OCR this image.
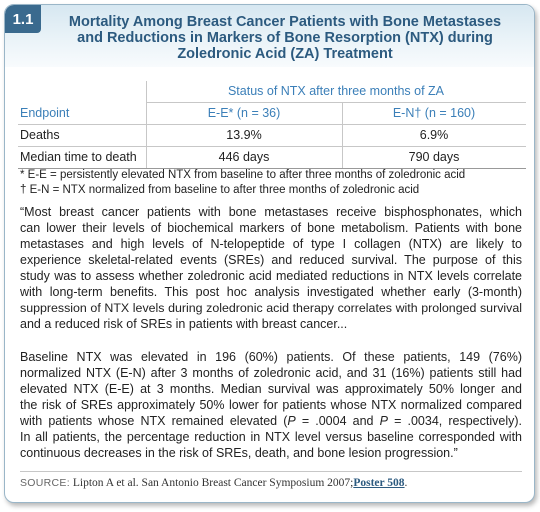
1.1	Mortality Among Breast Cancer Patients with Bone Metastases
and Reductions in Markers of Bone Resorption (NTX) during
Zoledronic Acid (ZA) Treatment
Status of NTX after three months of ZA
Endpoint	E-E* (n = 36)	E-N† (n = 160)
Deaths	13.9%	6.9%
Median time to death	446 days	790 days
* E-E = persistently elevated NTX from baseline to after three months of zoledronic acid
† E-N = NTX normalized from baseline to after three months of zoledronic acid
“Most breast cancer patients with bone metastases receive bisphosphonates, which
can lower their levels of biochemical markers of bone metabolism. Patients with bone
metastases and high levels of N-telopeptide of type I collagen (NTX) are likely to
experience skeletal-related events (SREs) and reduced survival. The purpose of this
study was to assess whether zoledronic acid mediated reductions in NTX levels correlate
with long-term benefits. This post hoc analysis investigated whether early (3-month)
suppression of NTX levels during zoledronic acid therapy correlates with prolonged survival
and a reduced risk of SREs in patients with breast cancer...
Baseline NTX was elevated in 196 (60%) patients. Of these patients, 149 (76%)
normalized NTX (E-N) after 3 months of zoledronic acid, and 31 (16%) patients still had
elevated NTX (E-E) at 3 months. Median survival was approximately 50% longer and
the risk of SREs approximately 50% lower for patients whose NTX normalized compared
with patients whose NTX remained elevated (P = .0004 and P = .0034, respectively).
In all patients, the percentage reduction in NTX level versus baseline corresponded with
continuous decreases in the risk of SREs, death, and bone lesion progression.”
SOURCE: Lipton A et al. San Antonio Breast Cancer Symposium 2007;Poster 508.
